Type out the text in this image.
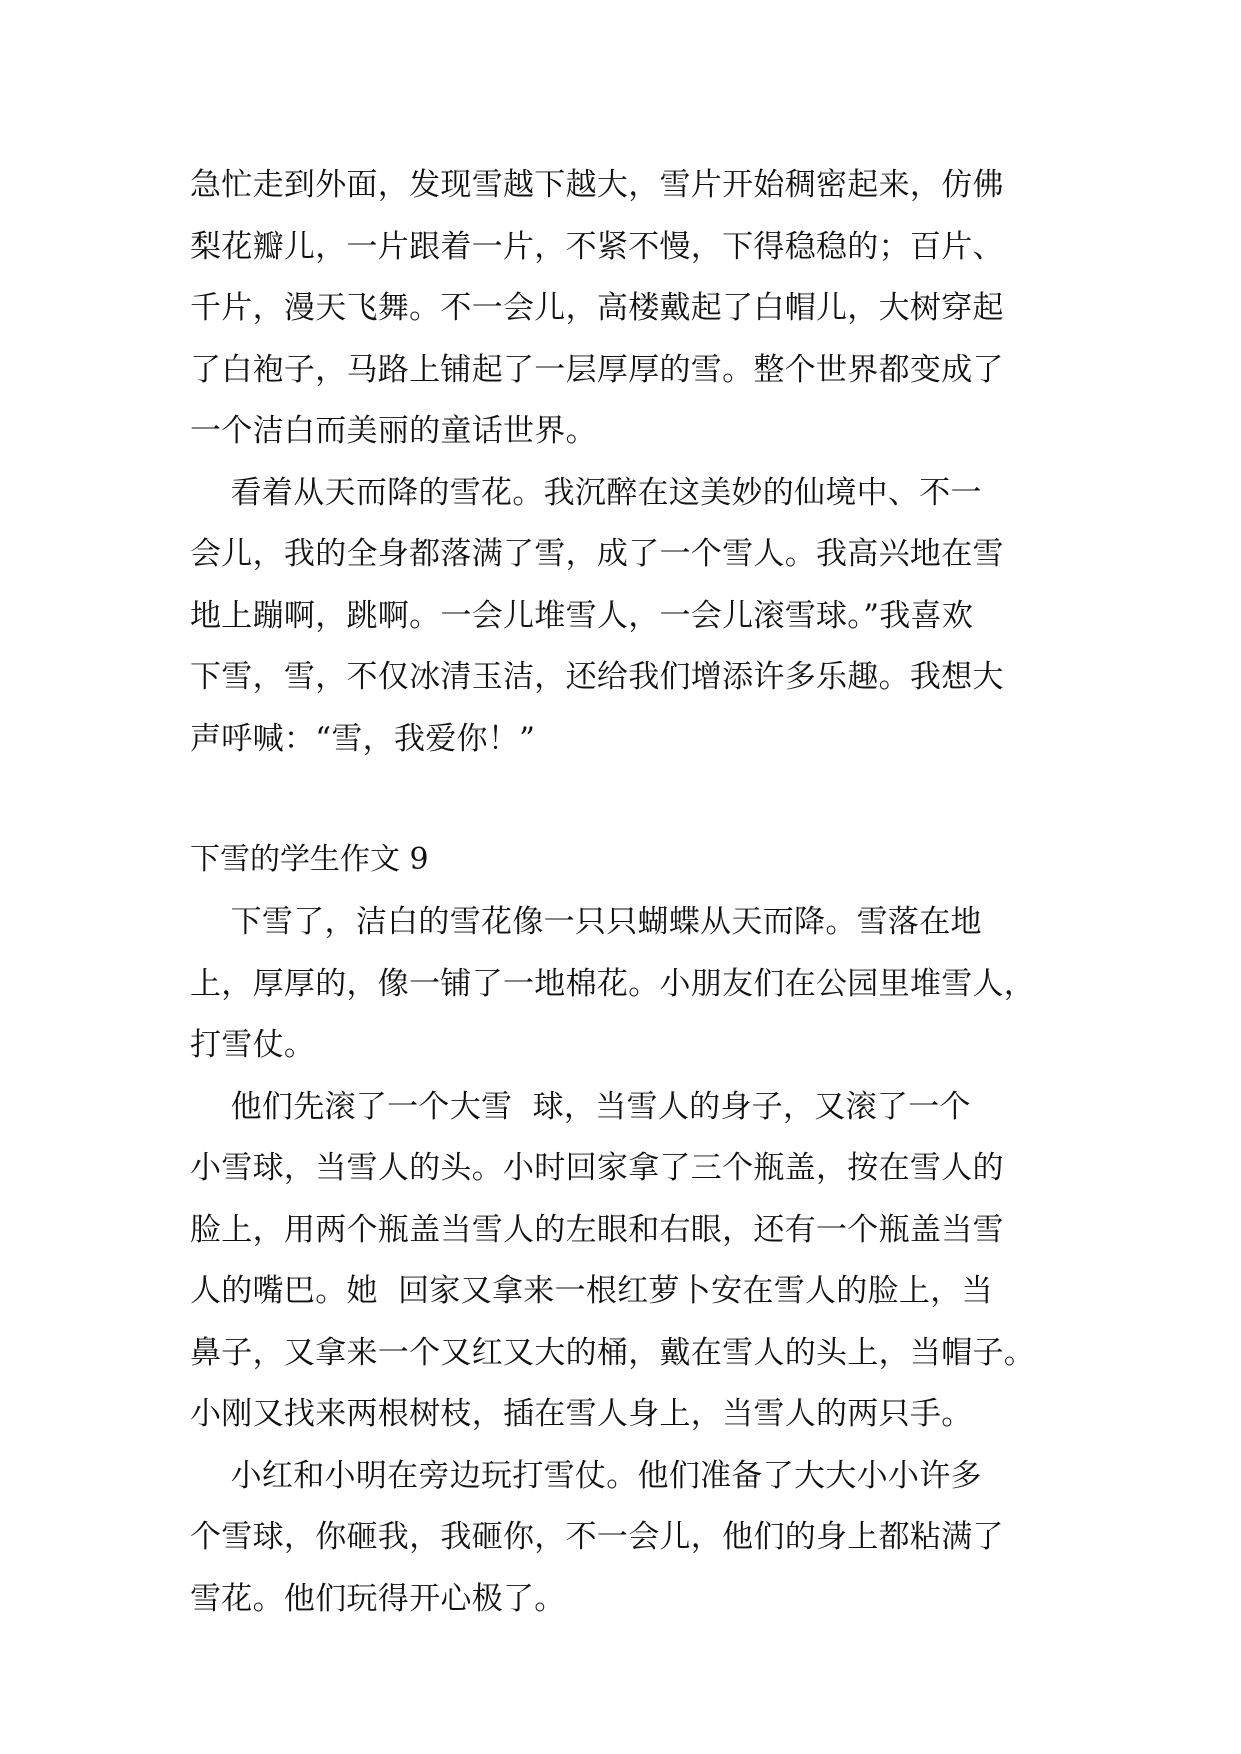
急忙走到外面，发现雪越下越大，雪片开始稠密起来，仿佛
梨花瓣儿，一片跟着一片，不紧不慢，下得稳稳的；百片、
千片，漫天飞舞。不一会儿，高楼戴起了白帽儿，大树穿起
了白袍子，马路上铺起了一层厚厚的雪。整个世界都变成了
一个洁白而美丽的童话世界。
看着从天而降的雪花。我沉醉在这美妙的仙境中、不一
会儿，我的全身都落满了雪，成了一个雪人。我高兴地在雪
地上蹦啊，跳啊。一会儿堆雪人，一会儿滚雪球。”我喜欢
下雪，雪，不仅冰清玉洁，还给我们增添许多乐趣。我想大
声呼喊：“雪，我爱你！”
下雪的学生作文 9
下雪了，洁白的雪花像一只只蝴蝶从天而降。雪落在地
上，厚厚的，像一铺了一地棉花。小朋友们在公园里堆雪人，
打雪仗。
他们先滚了一个大雪  球，当雪人的身子，又滚了一个
小雪球，当雪人的头。小时回家拿了三个瓶盖，按在雪人的
脸上，用两个瓶盖当雪人的左眼和右眼，还有一个瓶盖当雪
人的嘴巴。她  回家又拿来一根红萝卜安在雪人的脸上，当
鼻子，又拿来一个又红又大的桶，戴在雪人的头上，当帽子。
小刚又找来两根树枝，插在雪人身上，当雪人的两只手。
小红和小明在旁边玩打雪仗。他们准备了大大小小许多
个雪球，你砸我，我砸你，不一会儿，他们的身上都粘满了
雪花。他们玩得开心极了。
